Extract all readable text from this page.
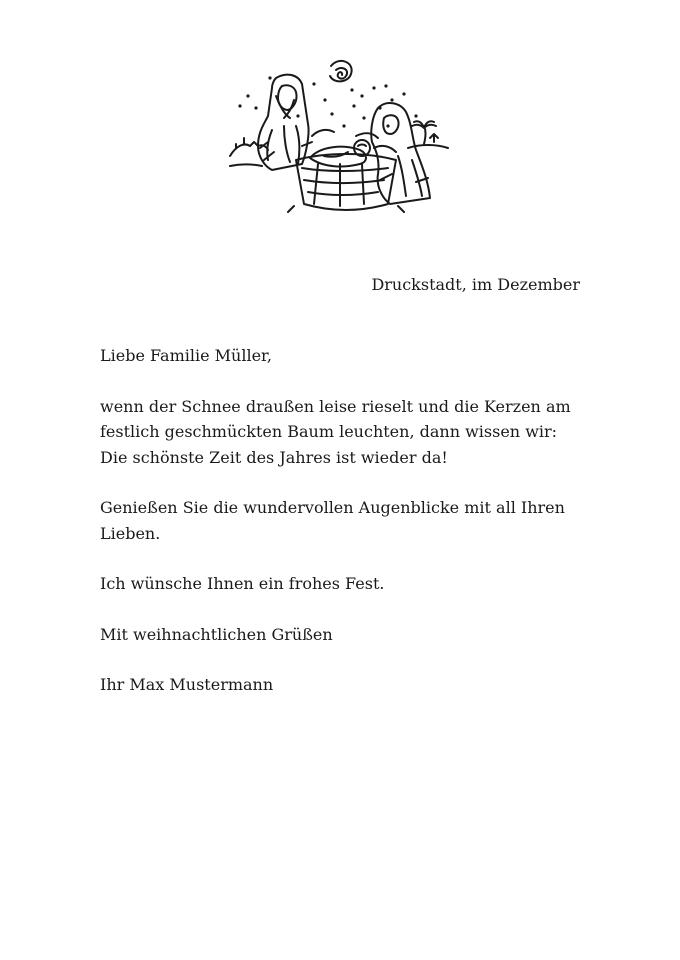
Druckstadt, im Dezember

Liebe Familie Müller,

wenn der Schnee draußen leise rieselt und die Kerzen am
festlich geschmückten Baum leuchten, dann wissen wir:
Die schönste Zeit des Jahres ist wieder da!

Genießen Sie die wundervollen Augenblicke mit all Ihren
Lieben.

Ich wünsche Ihnen ein frohes Fest.

Mit weihnachtlichen Grüßen

Ihr Max Mustermann
